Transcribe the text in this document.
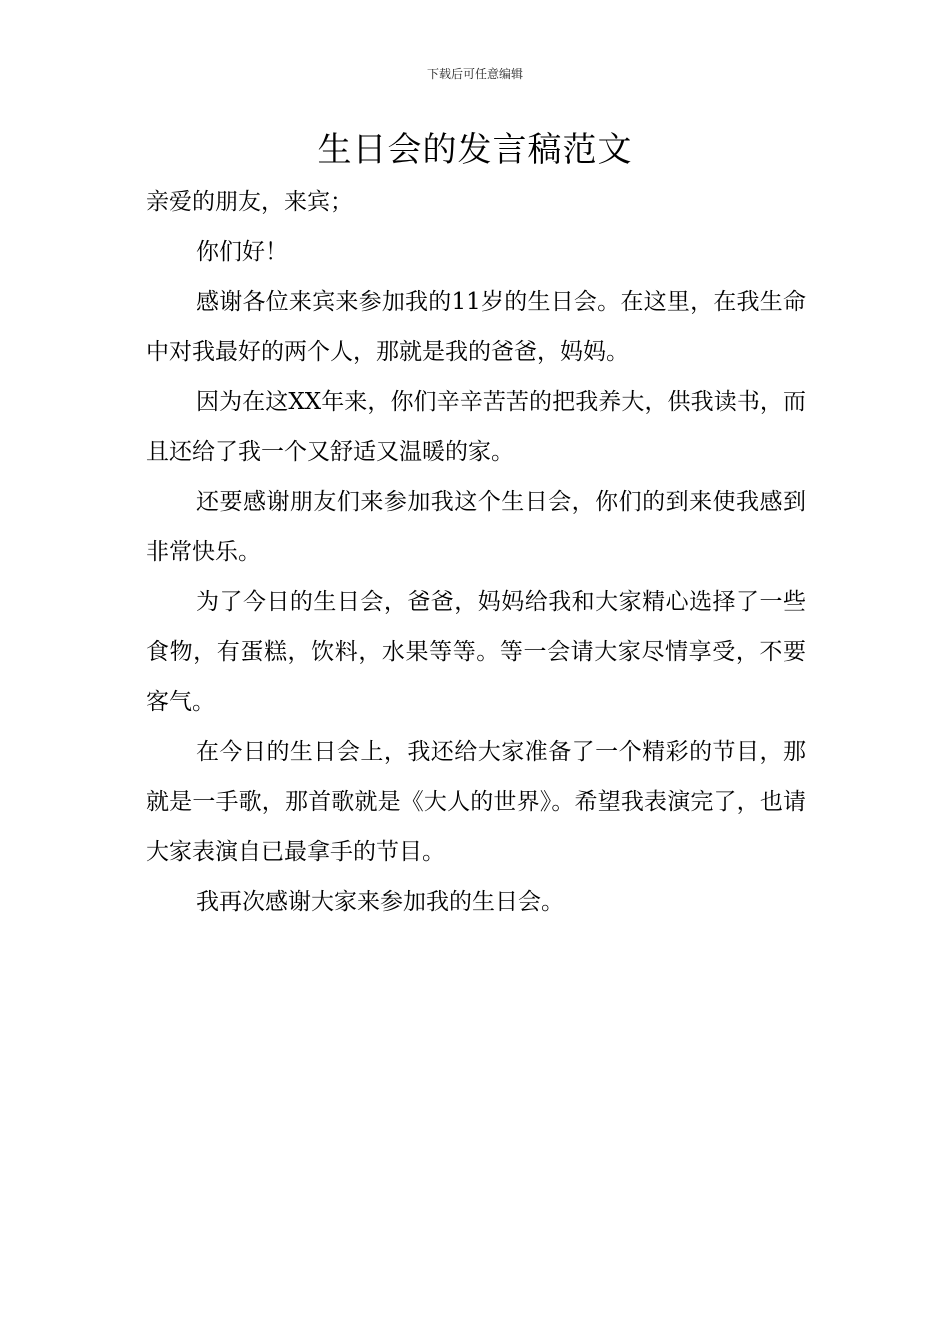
下载后可任意编辑
生日会的发言稿范文

亲爱的朋友，来宾；

你们好！

感谢各位来宾来参加我的11岁的生日会。在这里，在我生命中对我最好的两个人，那就是我的爸爸，妈妈。

因为在这XX年来，你们辛辛苦苦的把我养大，供我读书，而且还给了我一个又舒适又温暖的家。

还要感谢朋友们来参加我这个生日会，你们的到来使我感到非常快乐。

为了今日的生日会，爸爸，妈妈给我和大家精心选择了一些食物，有蛋糕，饮料，水果等等。等一会请大家尽情享受，不要客气。

在今日的生日会上，我还给大家准备了一个精彩的节目，那就是一手歌，那首歌就是《大人的世界》。希望我表演完了，也请大家表演自已最拿手的节目。

我再次感谢大家来参加我的生日会。
